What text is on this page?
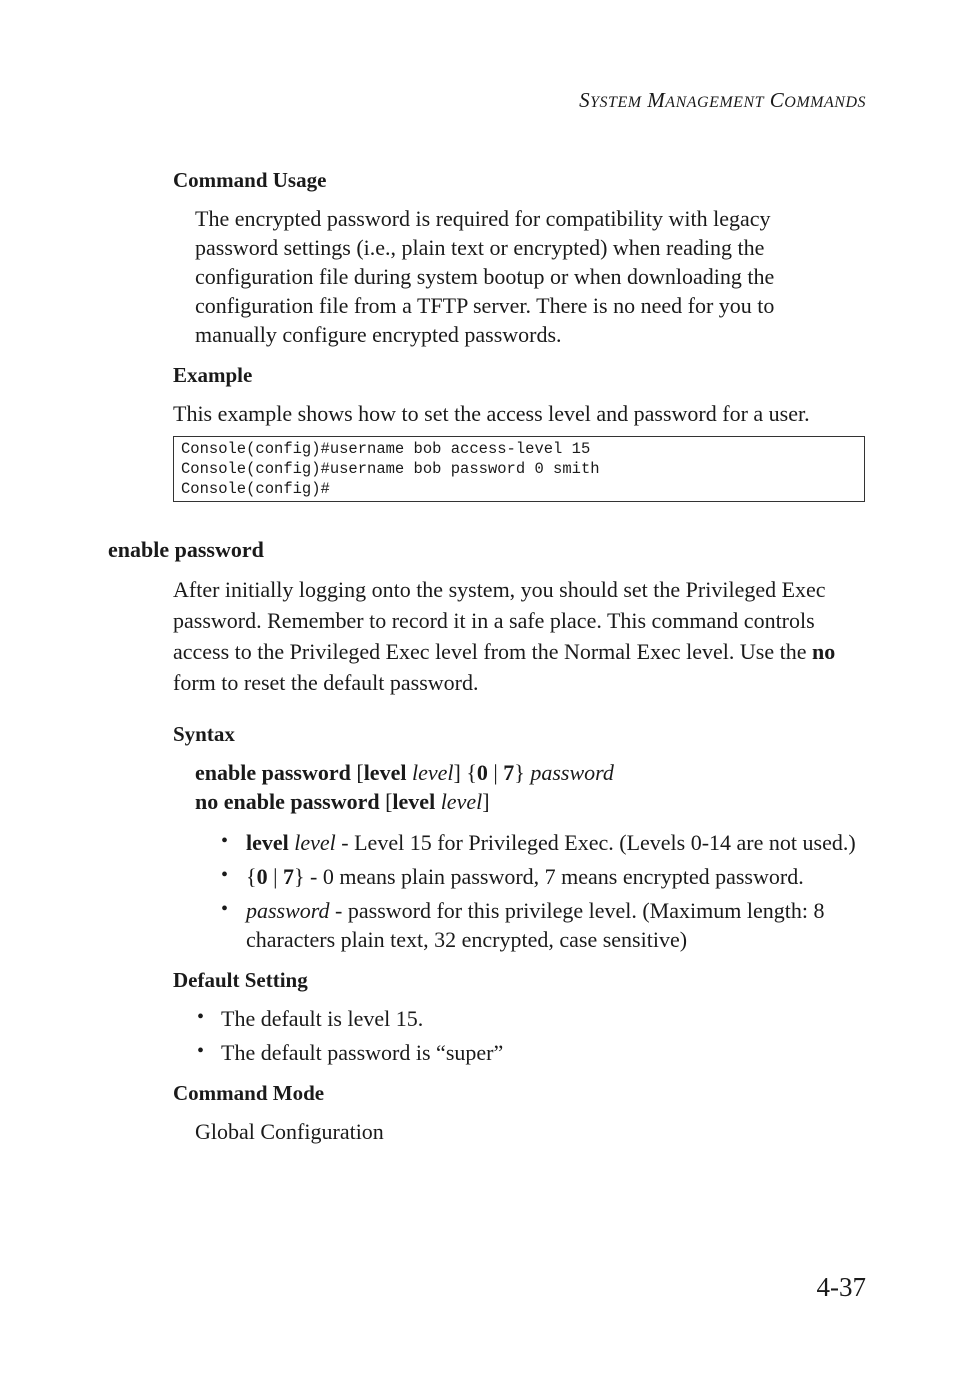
SYSTEM MANAGEMENT COMMANDS
Command Usage
The encrypted password is required for compatibility with legacy
password settings (i.e., plain text or encrypted) when reading the
configuration file during system bootup or when downloading the
configuration file from a TFTP server. There is no need for you to
manually configure encrypted passwords.
Example
This example shows how to set the access level and password for a user.
Console(config)#username bob access-level 15
Console(config)#username bob password 0 smith
Console(config)#
enable password
After initially logging onto the system, you should set the Privileged Exec
password. Remember to record it in a safe place. This command controls
access to the Privileged Exec level from the Normal Exec level. Use the no
form to reset the default password.
Syntax
enable password [level level] {0 | 7} password
no enable password [level level]
• level level - Level 15 for Privileged Exec. (Levels 0-14 are not used.)
• {0 | 7} - 0 means plain password, 7 means encrypted password.
• password - password for this privilege level. (Maximum length: 8
characters plain text, 32 encrypted, case sensitive)
Default Setting
• The default is level 15.
• The default password is “super”
Command Mode
Global Configuration
4-37
